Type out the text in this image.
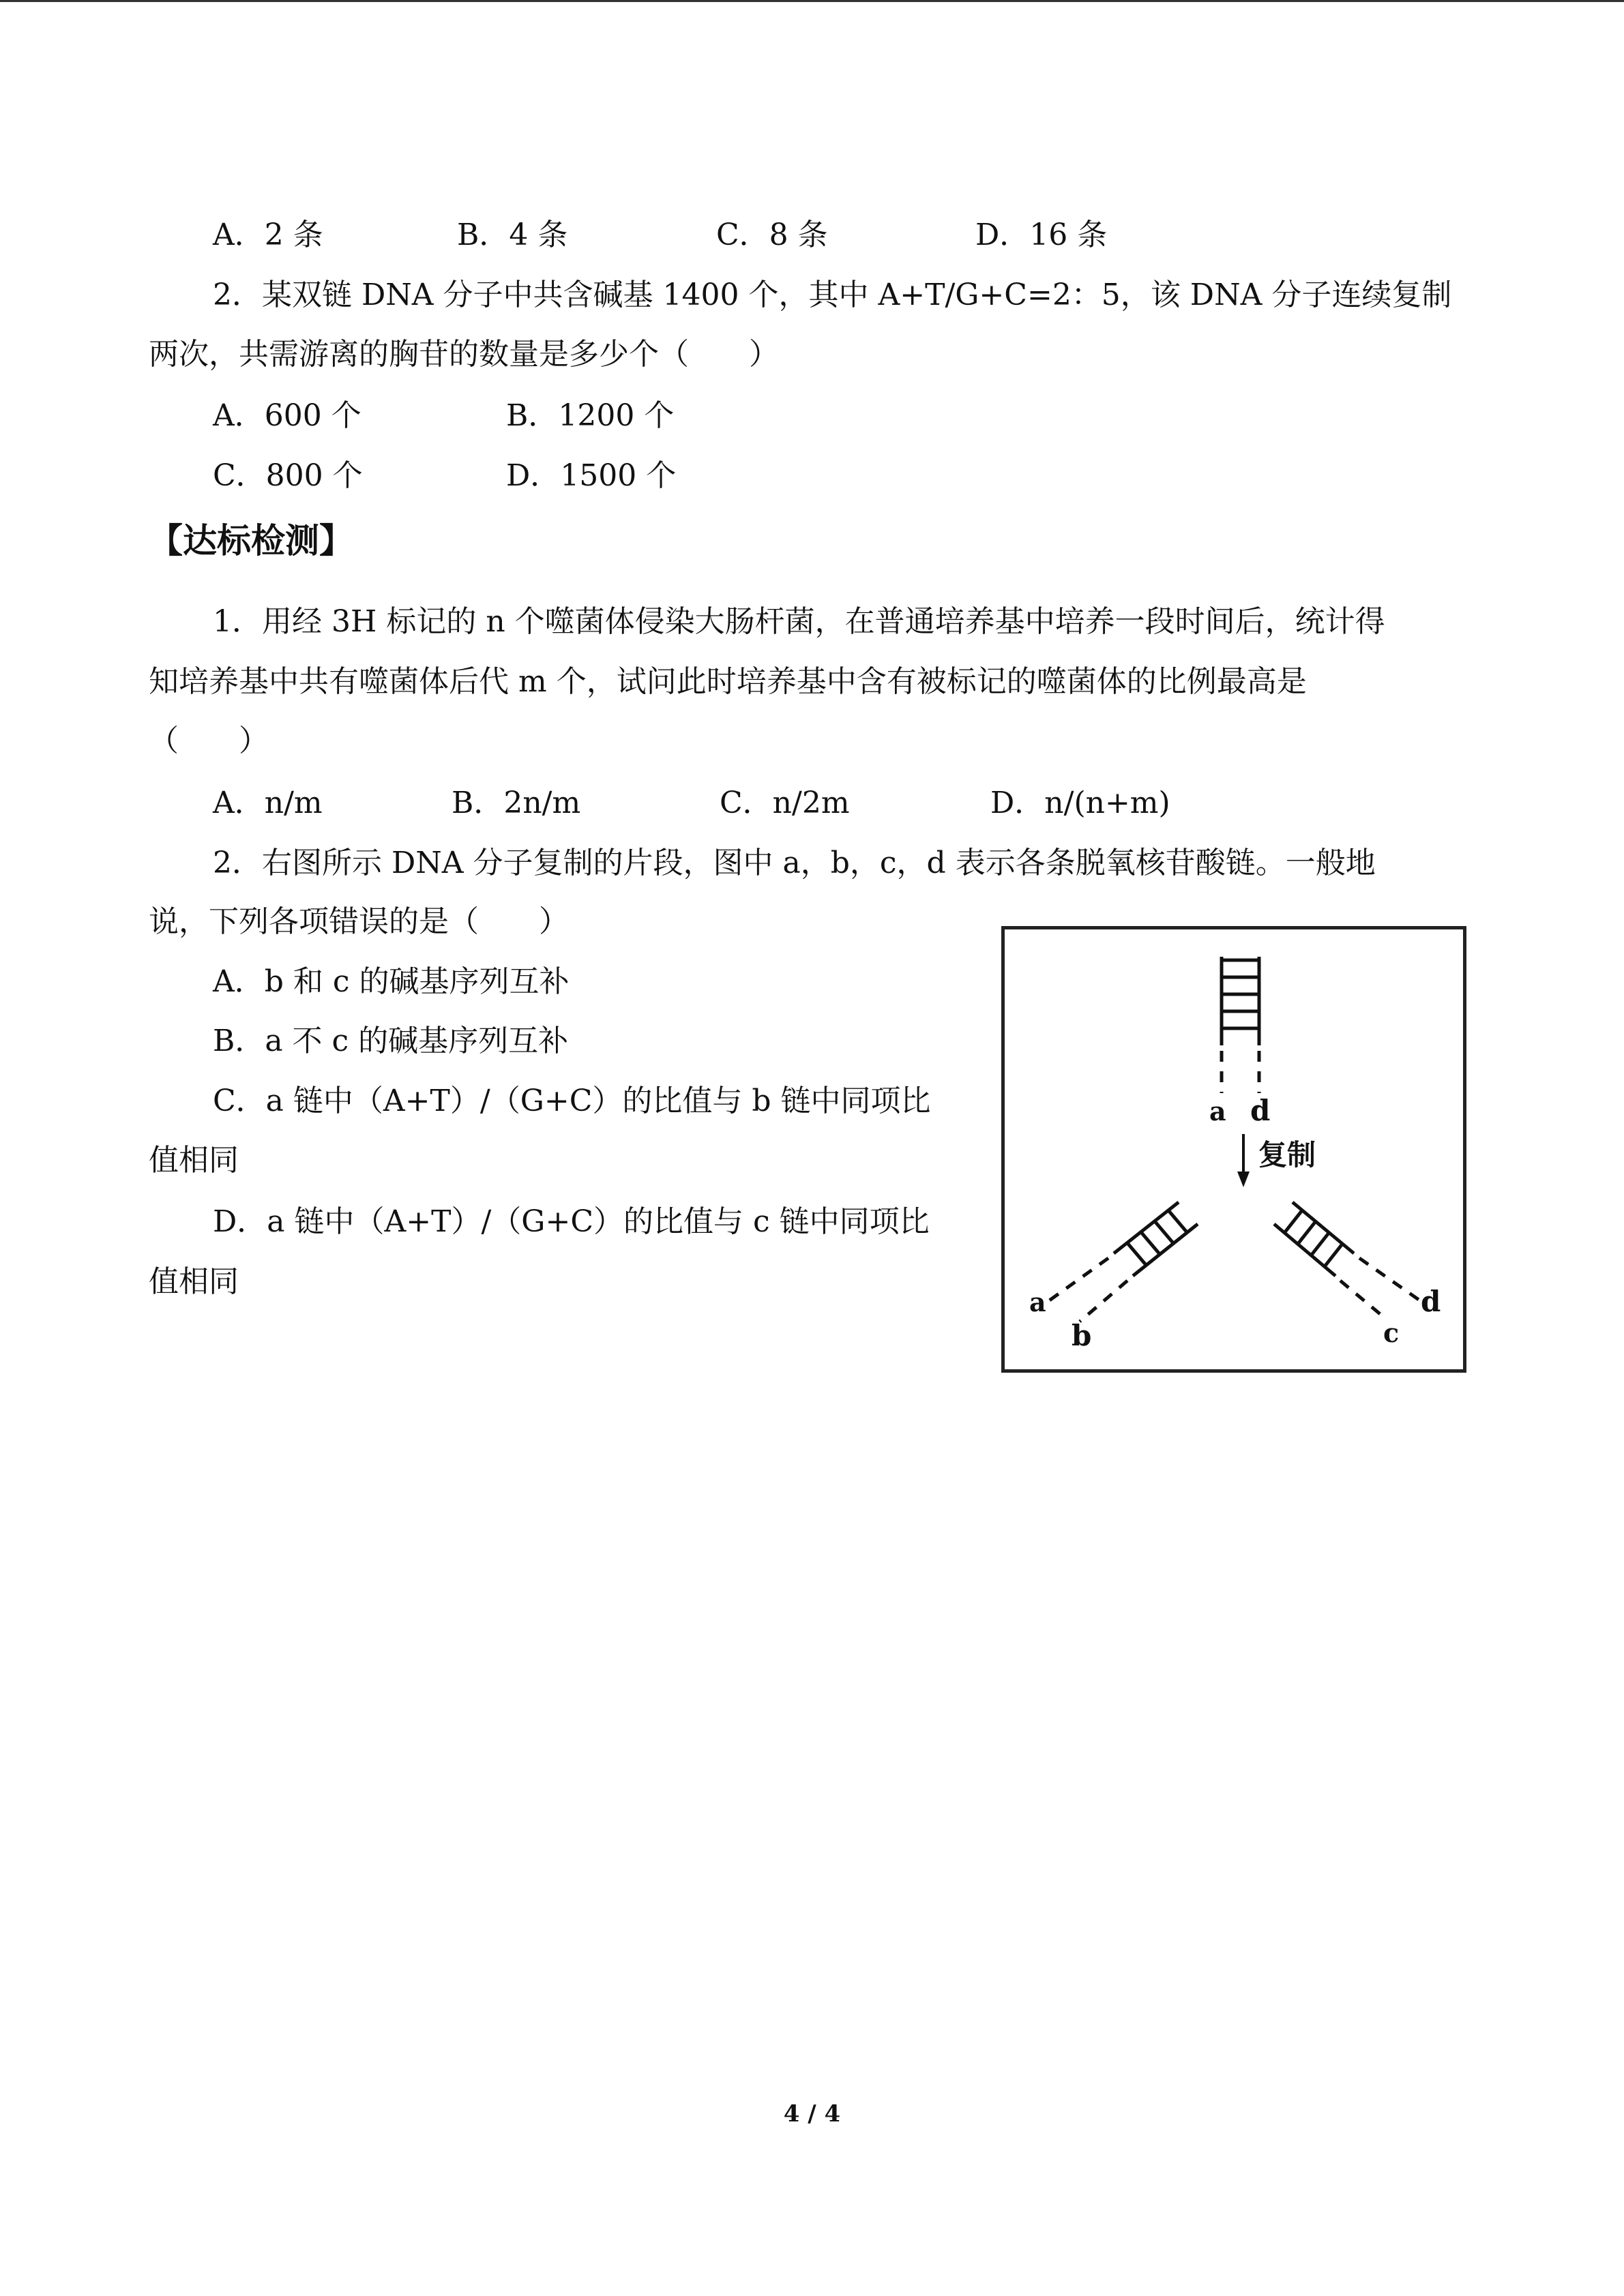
A．2 条	B．4 条	C．8 条	D．16 条
2．某双链 DNA 分子中共含碱基 1400 个，其中 A+T/G+C=2：5，该 DNA 分子连续复制
两次，共需游离的胸苷的数量是多少个（　　）
A．600 个	B．1200 个
C．800 个	D．1500 个
【达标检测】
1．用经 3H 标记的 n 个噬菌体侵染大肠杆菌，在普通培养基中培养一段时间后，统计得
知培养基中共有噬菌体后代 m 个，试问此时培养基中含有被标记的噬菌体的比例最高是
（　　）
A．n/m	B．2n/m	C．n/2m	D．n/(n+m)
2．右图所示 DNA 分子复制的片段，图中 a，b，c，d 表示各条脱氧核苷酸链。一般地
说，下列各项错误的是（　　）
A．b 和 c 的碱基序列互补
B．a 不 c 的碱基序列互补
C．a 链中（A+T）/（G+C）的比值与 b 链中同项比
值相同
D．a 链中（A+T）/（G+C）的比值与 c 链中同项比
值相同
a d
复制
a
b	c
d
4 / 4
